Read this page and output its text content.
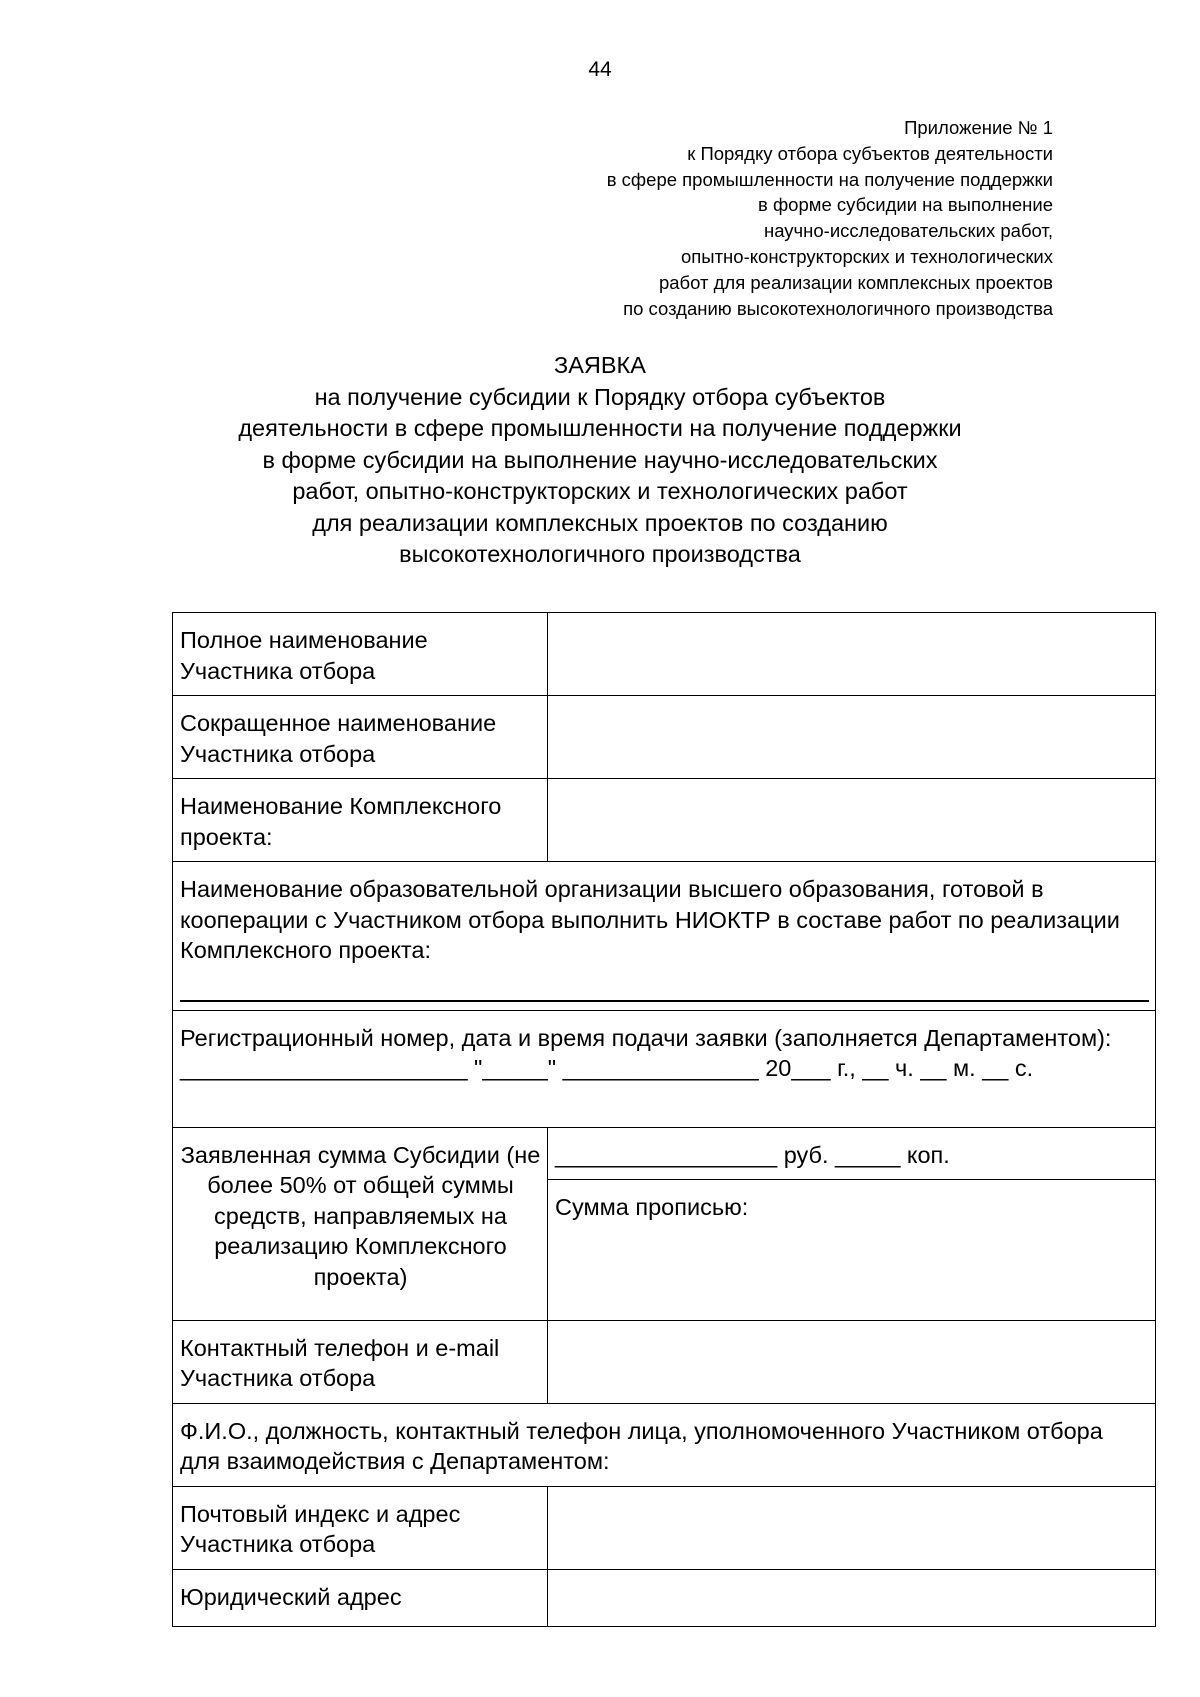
44
Приложение № 1
к Порядку отбора субъектов деятельности
в сфере промышленности на получение поддержки
в форме субсидии на выполнение
научно-исследовательских работ,
опытно-конструкторских и технологических
работ для реализации комплексных проектов
по созданию высокотехнологичного производства
ЗАЯВКА
на получение субсидии к Порядку отбора субъектов
деятельности в сфере промышленности на получение поддержки
в форме субсидии на выполнение научно-исследовательских
работ, опытно-конструкторских и технологических работ
для реализации комплексных проектов по созданию
высокотехнологичного производства
Полное наименование Участника отбора	
Сокращенное наименование Участника отбора	
Наименование Комплексного проекта:	

Наименование образовательной организации высшего образования, готовой в кооперации с Участником отбора выполнить НИОКТР в составе работ по реализации Комплексного проекта:	

Регистрационный номер, дата и время подачи заявки (заполняется Департаментом):
______________________ "_____" _______________ 20___ г., __ ч. __ м. __ с.	

Заявленная сумма Субсидии (не более 50% от общей суммы средств, направляемых на реализацию Комплексного проекта)	_________________ руб. _____ коп.
	Сумма прописью:
Контактный телефон и e-mail Участника отбора	
Ф.И.О., должность, контактный телефон лица, уполномоченного Участником отбора для взаимодействия с Департаментом:	
Почтовый индекс и адрес Участника отбора	
Юридический адрес	
